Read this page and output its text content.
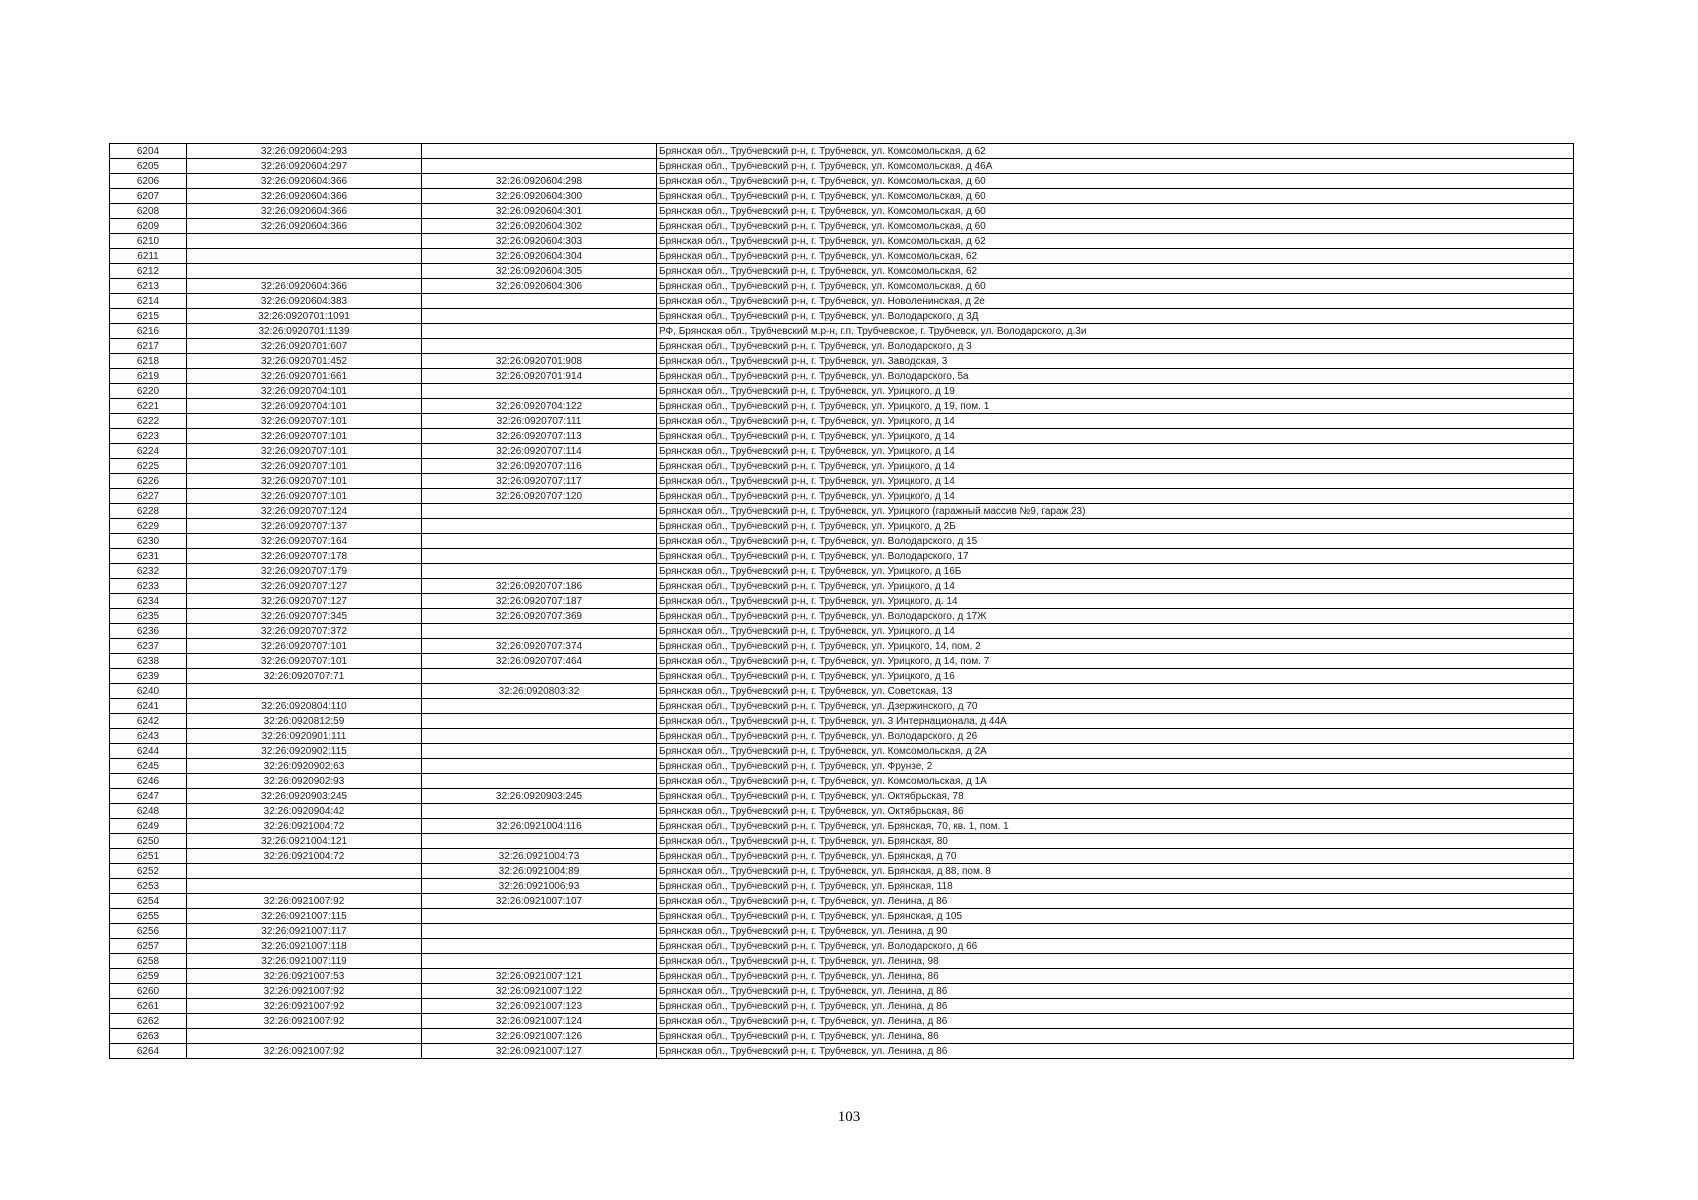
6204	32:26:0920604:293		Брянская обл., Трубчевский р-н, г. Трубчевск, ул. Комсомольская, д 62
6205	32:26:0920604:297		Брянская обл., Трубчевский р-н, г. Трубчевск, ул. Комсомольская, д 46А
6206	32:26:0920604:366	32:26:0920604:298	Брянская обл., Трубчевский р-н, г. Трубчевск, ул. Комсомольская, д 60
6207	32:26:0920604:366	32:26:0920604:300	Брянская обл., Трубчевский р-н, г. Трубчевск, ул. Комсомольская, д 60
6208	32:26:0920604:366	32:26:0920604:301	Брянская обл., Трубчевский р-н, г. Трубчевск, ул. Комсомольская, д 60
6209	32:26:0920604:366	32:26:0920604:302	Брянская обл., Трубчевский р-н, г. Трубчевск, ул. Комсомольская, д 60
6210		32:26:0920604:303	Брянская обл., Трубчевский р-н, г. Трубчевск, ул. Комсомольская, д 62
6211		32:26:0920604:304	Брянская обл., Трубчевский р-н, г. Трубчевск, ул. Комсомольская, 62
6212		32:26:0920604:305	Брянская обл., Трубчевский р-н, г. Трубчевск, ул. Комсомольская, 62
6213	32:26:0920604:366	32:26:0920604:306	Брянская обл., Трубчевский р-н, г. Трубчевск, ул. Комсомольская, д 60
6214	32:26:0920604:383		Брянская обл., Трубчевский р-н, г. Трубчевск, ул. Новоленинская, д 2е
6215	32:26:0920701:1091		Брянская обл., Трубчевский р-н, г. Трубчевск, ул. Володарского, д 3Д
6216	32:26:0920701:1139		РФ, Брянская обл., Трубчевский м.р-н, г.п. Трубчевское, г. Трубчевск, ул. Володарского, д.3и
6217	32:26:0920701:607		Брянская обл., Трубчевский р-н, г. Трубчевск, ул. Володарского, д 3
6218	32:26:0920701:452	32:26:0920701:908	Брянская обл., Трубчевский р-н, г. Трубчевск, ул. Заводская, 3
6219	32:26:0920701:661	32:26:0920701:914	Брянская обл., Трубчевский р-н, г. Трубчевск, ул. Володарского, 5а
6220	32:26:0920704:101		Брянская обл., Трубчевский р-н, г. Трубчевск, ул. Урицкого, д 19
6221	32:26:0920704:101	32:26:0920704:122	Брянская обл., Трубчевский р-н, г. Трубчевск, ул. Урицкого, д 19, пом. 1
6222	32:26:0920707:101	32:26:0920707:111	Брянская обл., Трубчевский р-н, г. Трубчевск, ул. Урицкого, д 14
6223	32:26:0920707:101	32:26:0920707:113	Брянская обл., Трубчевский р-н, г. Трубчевск, ул. Урицкого, д 14
6224	32:26:0920707:101	32:26:0920707:114	Брянская обл., Трубчевский р-н, г. Трубчевск, ул. Урицкого, д 14
6225	32:26:0920707:101	32:26:0920707:116	Брянская обл., Трубчевский р-н, г. Трубчевск, ул. Урицкого, д 14
6226	32:26:0920707:101	32:26:0920707:117	Брянская обл., Трубчевский р-н, г. Трубчевск, ул. Урицкого, д 14
6227	32:26:0920707:101	32:26:0920707:120	Брянская обл., Трубчевский р-н, г. Трубчевск, ул. Урицкого, д 14
6228	32:26:0920707:124		Брянская обл., Трубчевский р-н, г. Трубчевск, ул. Урицкого (гаражный массив №9, гараж 23)
6229	32:26:0920707:137		Брянская обл., Трубчевский р-н, г. Трубчевск, ул. Урицкого, д 2Б
6230	32:26:0920707:164		Брянская обл., Трубчевский р-н, г. Трубчевск, ул. Володарского, д 15
6231	32:26:0920707:178		Брянская обл., Трубчевский р-н, г. Трубчевск, ул. Володарского, 17
6232	32:26:0920707:179		Брянская обл., Трубчевский р-н, г. Трубчевск, ул. Урицкого, д 16Б
6233	32:26:0920707:127	32:26:0920707:186	Брянская обл., Трубчевский р-н, г. Трубчевск, ул. Урицкого, д 14
6234	32:26:0920707:127	32:26:0920707:187	Брянская обл., Трубчевский р-н, г. Трубчевск, ул. Урицкого, д. 14
6235	32:26:0920707:345	32:26:0920707:369	Брянская обл., Трубчевский р-н, г. Трубчевск, ул. Володарского, д 17Ж
6236	32:26:0920707:372		Брянская обл., Трубчевский р-н, г. Трубчевск, ул. Урицкого, д 14
6237	32:26:0920707:101	32:26:0920707:374	Брянская обл., Трубчевский р-н, г. Трубчевск, ул. Урицкого, 14, пом. 2
6238	32:26:0920707:101	32:26:0920707:464	Брянская обл., Трубчевский р-н, г. Трубчевск, ул. Урицкого, д 14, пом. 7
6239	32:26:0920707:71		Брянская обл., Трубчевский р-н, г. Трубчевск, ул. Урицкого, д 16
6240		32:26:0920803:32	Брянская обл., Трубчевский р-н, г. Трубчевск, ул. Советская, 13
6241	32:26:0920804:110		Брянская обл., Трубчевский р-н, г. Трубчевск, ул. Дзержинского, д 70
6242	32:26:0920812:59		Брянская обл., Трубчевский р-н, г. Трубчевск, ул. 3 Интернационала, д 44А
6243	32:26:0920901:111		Брянская обл., Трубчевский р-н, г. Трубчевск, ул. Володарского, д 26
6244	32:26:0920902:115		Брянская обл., Трубчевский р-н, г. Трубчевск, ул. Комсомольская, д 2А
6245	32:26:0920902:63		Брянская обл., Трубчевский р-н, г. Трубчевск, ул. Фрунзе, 2
6246	32:26:0920902:93		Брянская обл., Трубчевский р-н, г. Трубчевск, ул. Комсомольская, д 1А
6247	32:26:0920903:245	32:26:0920903:245	Брянская обл., Трубчевский р-н, г. Трубчевск, ул. Октябрьская, 78
6248	32:26:0920904:42		Брянская обл., Трубчевский р-н, г. Трубчевск, ул. Октябрьская, 86
6249	32:26:0921004:72	32:26:0921004:116	Брянская обл., Трубчевский р-н, г. Трубчевск, ул. Брянская, 70, кв. 1, пом. 1
6250	32:26:0921004:121		Брянская обл., Трубчевский р-н, г. Трубчевск, ул. Брянская, 80
6251	32:26:0921004:72	32:26:0921004:73	Брянская обл., Трубчевский р-н, г. Трубчевск, ул. Брянская, д 70
6252		32:26:0921004:89	Брянская обл., Трубчевский р-н, г. Трубчевск, ул. Брянская, д 88, пом. 8
6253		32:26:0921006:93	Брянская обл., Трубчевский р-н, г. Трубчевск, ул. Брянская, 118
6254	32:26:0921007:92	32:26:0921007:107	Брянская обл., Трубчевский р-н, г. Трубчевск, ул. Ленина, д 86
6255	32:26:0921007:115		Брянская обл., Трубчевский р-н, г. Трубчевск, ул. Брянская, д 105
6256	32:26:0921007:117		Брянская обл., Трубчевский р-н, г. Трубчевск, ул. Ленина, д 90
6257	32:26:0921007:118		Брянская обл., Трубчевский р-н, г. Трубчевск, ул. Володарского, д 66
6258	32:26:0921007:119		Брянская обл., Трубчевский р-н, г. Трубчевск, ул. Ленина, 98
6259	32:26:0921007:53	32:26:0921007:121	Брянская обл., Трубчевский р-н, г. Трубчевск, ул. Ленина, 86
6260	32:26:0921007:92	32:26:0921007:122	Брянская обл., Трубчевский р-н, г. Трубчевск, ул. Ленина, д 86
6261	32:26:0921007:92	32:26:0921007:123	Брянская обл., Трубчевский р-н, г. Трубчевск, ул. Ленина, д 86
6262	32:26:0921007:92	32:26:0921007:124	Брянская обл., Трубчевский р-н, г. Трубчевск, ул. Ленина, д 86
6263		32:26:0921007:126	Брянская обл., Трубчевский р-н, г. Трубчевск, ул. Ленина, 86
6264	32:26:0921007:92	32:26:0921007:127	Брянская обл., Трубчевский р-н, г. Трубчевск, ул. Ленина, д 86
103
